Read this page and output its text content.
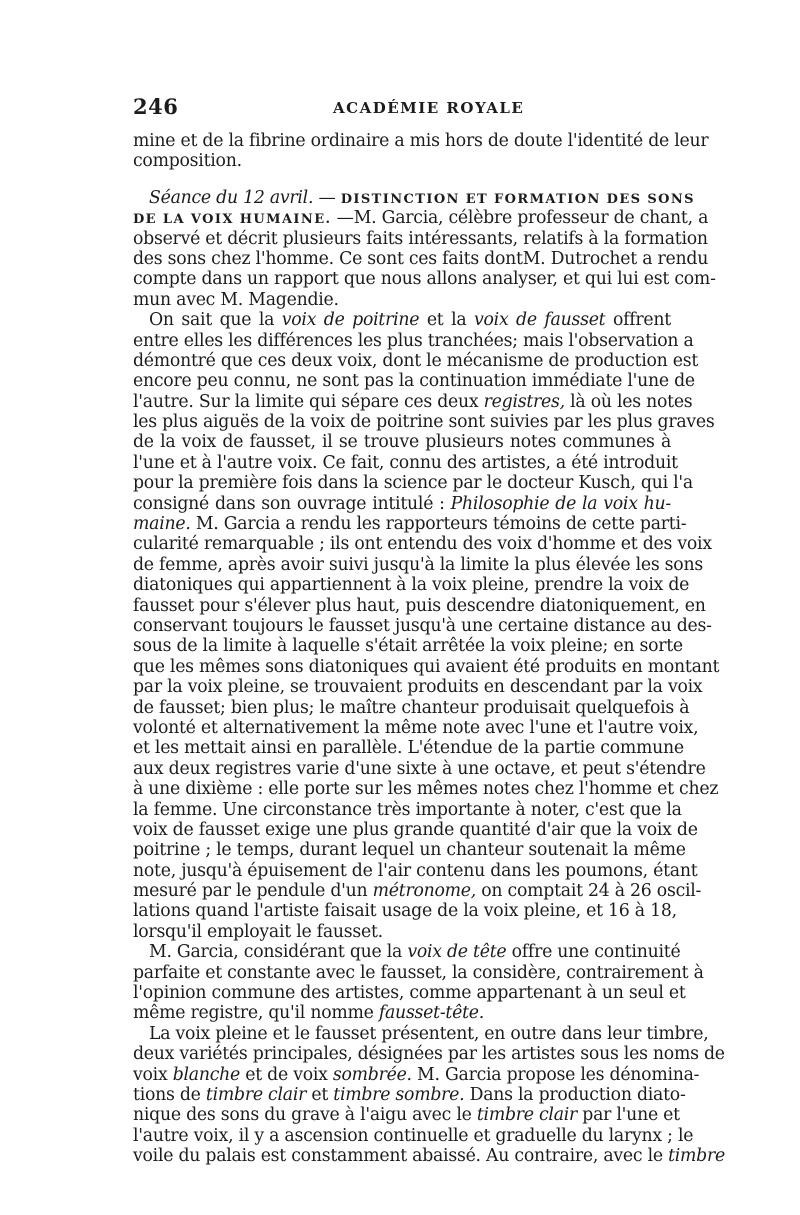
246	ACADÉMIE ROYALE
mine et de la fibrine ordinaire a mis hors de doute l'identité de leur
composition.
Séance du 12 avril. — DISTINCTION ET FORMATION DES SONS
DE LA VOIX HUMAINE. —M. Garcia, célèbre professeur de chant, a
observé et décrit plusieurs faits intéressants, relatifs à la formation
des sons chez l'homme. Ce sont ces faits dontM. Dutrochet a rendu
compte dans un rapport que nous allons analyser, et qui lui est com-
mun avec M. Magendie.
On sait que la voix de poitrine et la voix de fausset offrent
entre elles les différences les plus tranchées; mais l'observation a
démontré que ces deux voix, dont le mécanisme de production est
encore peu connu, ne sont pas la continuation immédiate l'une de
l'autre. Sur la limite qui sépare ces deux registres, là où les notes
les plus aiguës de la voix de poitrine sont suivies par les plus graves
de la voix de fausset, il se trouve plusieurs notes communes à
l'une et à l'autre voix. Ce fait, connu des artistes, a été introduit
pour la première fois dans la science par le docteur Kusch, qui l'a
consigné dans son ouvrage intitulé : Philosophie de la voix hu-
maine. M. Garcia a rendu les rapporteurs témoins de cette parti-
cularité remarquable ; ils ont entendu des voix d'homme et des voix
de femme, après avoir suivi jusqu'à la limite la plus élevée les sons
diatoniques qui appartiennent à la voix pleine, prendre la voix de
fausset pour s'élever plus haut, puis descendre diatoniquement, en
conservant toujours le fausset jusqu'à une certaine distance au des-
sous de la limite à laquelle s'était arrêtée la voix pleine; en sorte
que les mêmes sons diatoniques qui avaient été produits en montant
par la voix pleine, se trouvaient produits en descendant par la voix
de fausset; bien plus; le maître chanteur produisait quelquefois à
volonté et alternativement la même note avec l'une et l'autre voix,
et les mettait ainsi en parallèle. L'étendue de la partie commune
aux deux registres varie d'une sixte à une octave, et peut s'étendre
à une dixième : elle porte sur les mêmes notes chez l'homme et chez
la femme. Une circonstance très importante à noter, c'est que la
voix de fausset exige une plus grande quantité d'air que la voix de
poitrine ; le temps, durant lequel un chanteur soutenait la même
note, jusqu'à épuisement de l'air contenu dans les poumons, étant
mesuré par le pendule d'un métronome, on comptait 24 à 26 oscil-
lations quand l'artiste faisait usage de la voix pleine, et 16 à 18,
lorsqu'il employait le fausset.
M. Garcia, considérant que la voix de tête offre une continuité
parfaite et constante avec le fausset, la considère, contrairement à
l'opinion commune des artistes, comme appartenant à un seul et
même registre, qu'il nomme fausset-tête.
La voix pleine et le fausset présentent, en outre dans leur timbre,
deux variétés principales, désignées par les artistes sous les noms de
voix blanche et de voix sombrée. M. Garcia propose les dénomina-
tions de timbre clair et timbre sombre. Dans la production diato-
nique des sons du grave à l'aigu avec le timbre clair par l'une et
l'autre voix, il y a ascension continuelle et graduelle du larynx ; le
voile du palais est constamment abaissé. Au contraire, avec le timbre
